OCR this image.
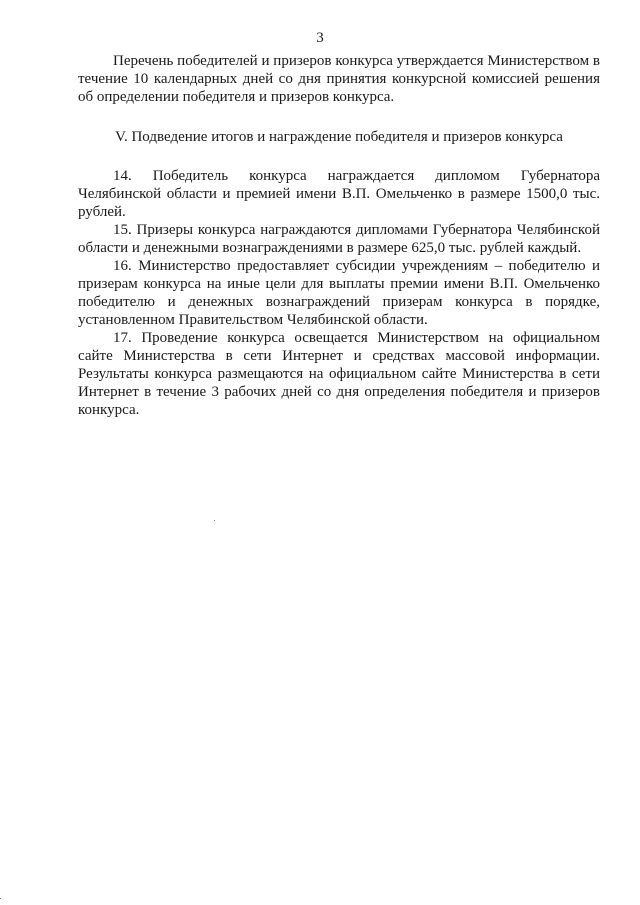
3

Перечень победителей и призеров конкурса утверждается Министерством в течение 10 календарных дней со дня принятия конкурсной комиссией решения об определении победителя и призеров конкурса.

V. Подведение итогов и награждение победителя и призеров конкурса

14. Победитель конкурса награждается дипломом Губернатора Челябинской области и премией имени В.П. Омельченко в размере 1500,0 тыс. рублей.

15. Призеры конкурса награждаются дипломами Губернатора Челябинской области и денежными вознаграждениями в размере 625,0 тыс. рублей каждый.

16. Министерство предоставляет субсидии учреждениям – победителю и призерам конкурса на иные цели для выплаты премии имени В.П. Омельченко победителю и денежных вознаграждений призерам конкурса в порядке, установленном Правительством Челябинской области.

17. Проведение конкурса освещается Министерством на официальном сайте Министерства в сети Интернет и средствах массовой информации. Результаты конкурса размещаются на официальном сайте Министерства в сети Интернет в течение 3 рабочих дней со дня определения победителя и призеров конкурса.
